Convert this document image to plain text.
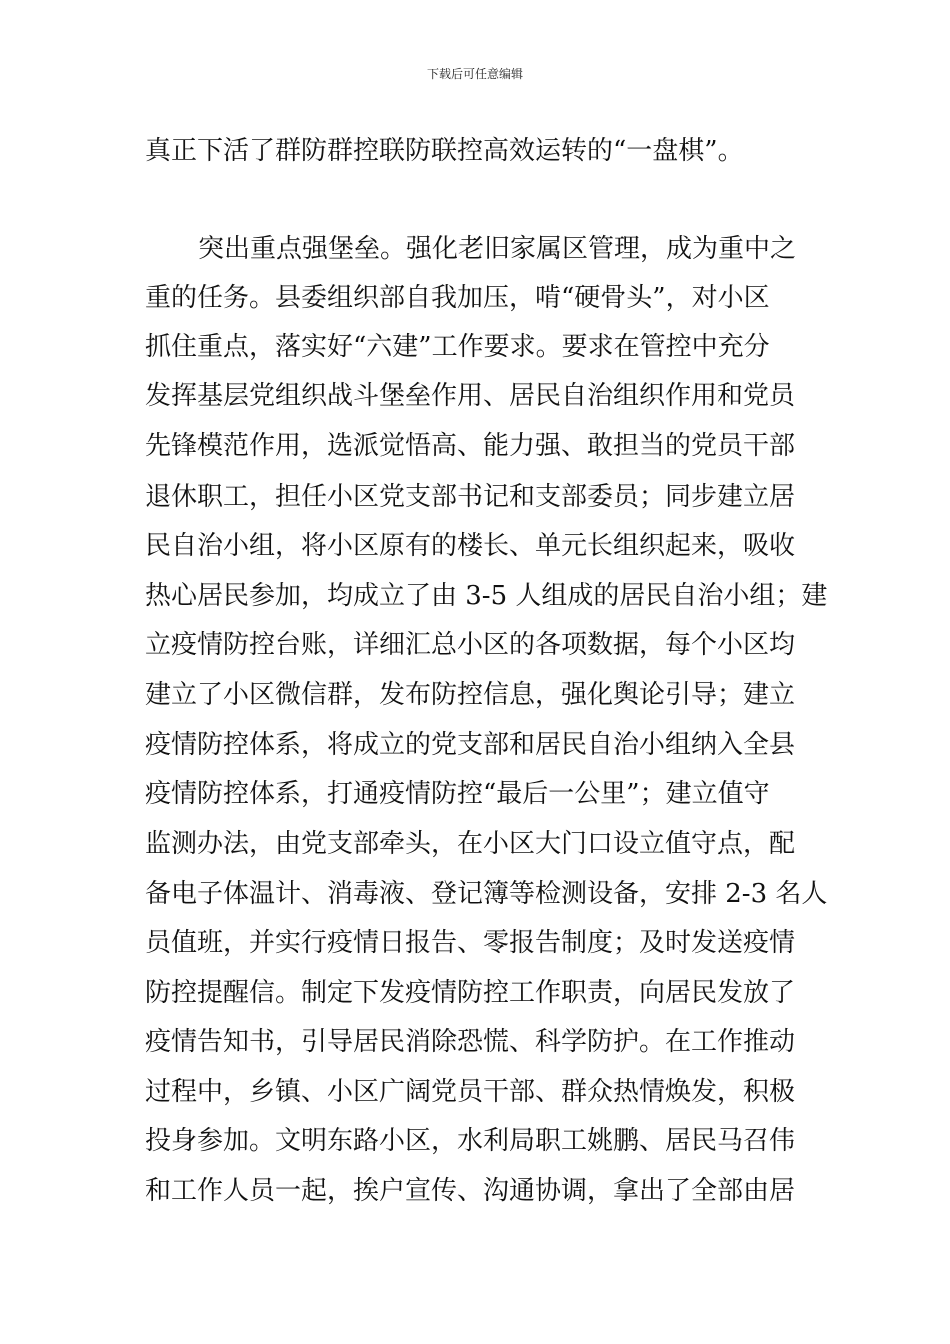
下载后可任意编辑
真正下活了群防群控联防联控高效运转的“一盘棋”。
突出重点强堡垒。强化老旧家属区管理，成为重中之
重的任务。县委组织部自我加压，啃“硬骨头”，对小区
抓住重点，落实好“六建”工作要求。要求在管控中充分
发挥基层党组织战斗堡垒作用、居民自治组织作用和党员
先锋模范作用，选派觉悟高、能力强、敢担当的党员干部
退休职工，担任小区党支部书记和支部委员；同步建立居
民自治小组，将小区原有的楼长、单元长组织起来，吸收
热心居民参加，均成立了由 3-5 人组成的居民自治小组；建
立疫情防控台账，详细汇总小区的各项数据，每个小区均
建立了小区微信群，发布防控信息，强化舆论引导；建立
疫情防控体系，将成立的党支部和居民自治小组纳入全县
疫情防控体系，打通疫情防控“最后一公里”；建立值守
监测办法，由党支部牵头，在小区大门口设立值守点，配
备电子体温计、消毒液、登记簿等检测设备，安排 2-3 名人
员值班，并实行疫情日报告、零报告制度；及时发送疫情
防控提醒信。制定下发疫情防控工作职责，向居民发放了
疫情告知书，引导居民消除恐慌、科学防护。在工作推动
过程中，乡镇、小区广阔党员干部、群众热情焕发，积极
投身参加。文明东路小区，水利局职工姚鹏、居民马召伟
和工作人员一起，挨户宣传、沟通协调，拿出了全部由居
